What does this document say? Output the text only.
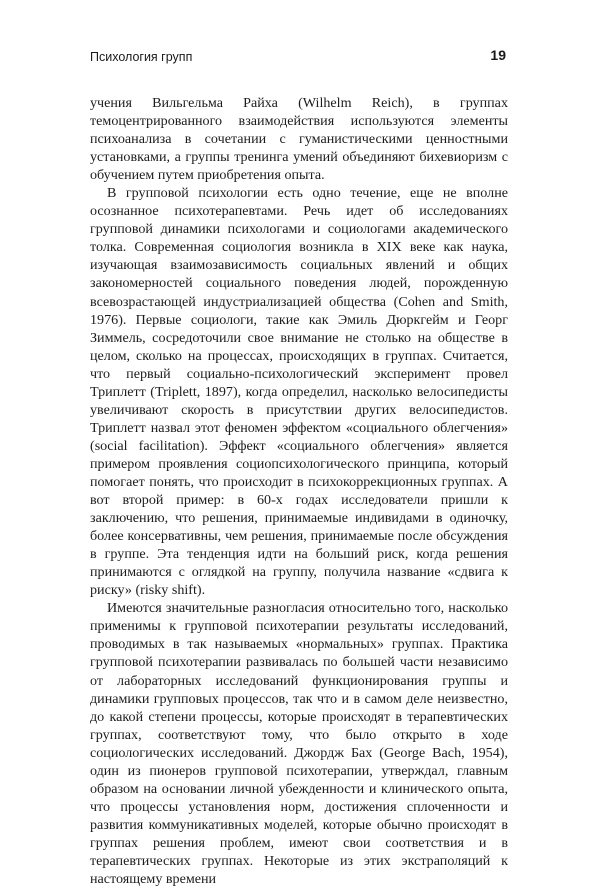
Психология групп	19

учения Вильгельма Райха (Wilhelm Reich), в группах темоцентрированного взаимодействия используются элементы психоанализа в сочетании с гуманистическими ценностными установками, а группы тренинга умений объединяют бихевиоризм с обучением путем приобретения опыта.

В групповой психологии есть одно течение, еще не вполне осознанное психотерапевтами. Речь идет об исследованиях групповой динамики психологами и социологами академического толка. Современная социология возникла в XIX веке как наука, изучающая взаимозависимость социальных явлений и общих закономерностей социального поведения людей, порожденную всевозрастающей индустриализацией общества (Cohen and Smith, 1976). Первые социологи, такие как Эмиль Дюркгейм и Георг Зиммель, сосредоточили свое внимание не столько на обществе в целом, сколько на процессах, происходящих в группах. Считается, что первый социально-психологический эксперимент провел Триплетт (Triplett, 1897), когда определил, насколько велосипедисты увеличивают скорость в присутствии других велосипедистов. Триплетт назвал этот феномен эффектом «социального облегчения» (social facilitation). Эффект «социального облегчения» является примером проявления социопсихологического принципа, который помогает понять, что происходит в психокоррекционных группах. А вот второй пример: в 60-х годах исследователи пришли к заключению, что решения, принимаемые индивидами в одиночку, более консервативны, чем решения, принимаемые после обсуждения в группе. Эта тенденция идти на больший риск, когда решения принимаются с оглядкой на группу, получила название «сдвига к риску» (risky shift).

Имеются значительные разногласия относительно того, насколько применимы к групповой психотерапии результаты исследований, проводимых в так называемых «нормальных» группах. Практика групповой психотерапии развивалась по большей части независимо от лабораторных исследований функционирования группы и динамики групповых процессов, так что и в самом деле неизвестно, до какой степени процессы, которые происходят в терапевтических группах, соответствуют тому, что было открыто в ходе социологических исследований. Джордж Бах (George Bach, 1954), один из пионеров групповой психотерапии, утверждал, главным образом на основании личной убежденности и клинического опыта, что процессы установления норм, достижения сплоченности и развития коммуникативных моделей, которые обычно происходят в группах решения проблем, имеют свои соответствия и в терапевтических группах. Некоторые из этих экстраполяций к настоящему времени
